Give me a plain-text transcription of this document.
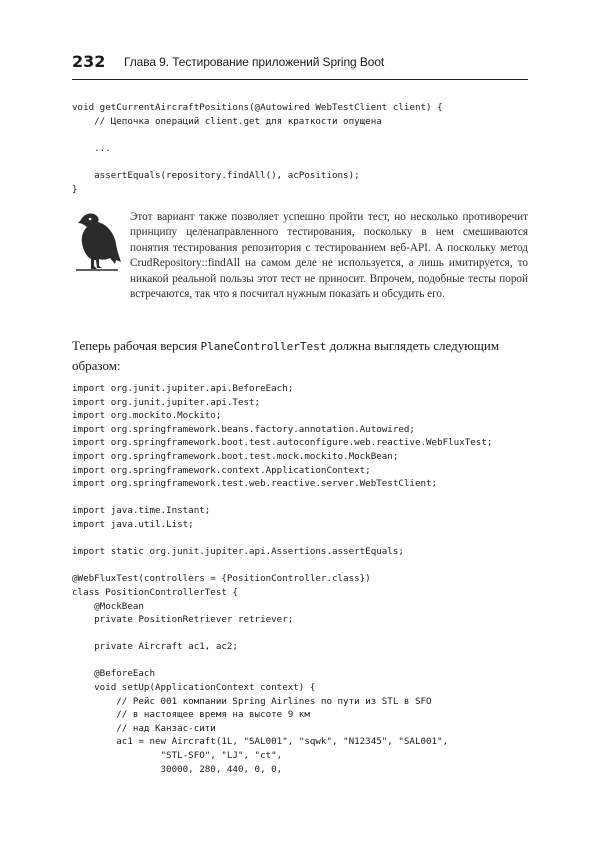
232 Глава 9. Тестирование приложений Spring Boot
void getCurrentAircraftPositions(@Autowired WebTestClient client) {
// Цепочка операций client.get для краткости опущена
...
assertEquals(repository.findAll(), acPositions);
}
Этот вариант также позволяет успешно пройти тест, но несколько противоречит принципу целенаправленного тестирования, поскольку в нем смешиваются понятия тестирования репозитория с тестированием веб-API. А поскольку метод CrudRepository::findAll на самом деле не используется, а лишь имитируется, то никакой реальной пользы этот тест не приносит. Впрочем, подобные тесты порой встречаются, так что я посчитал нужным показать и обсудить его.
Теперь рабочая версия PlaneControllerTest должна выглядеть следующим образом:
import org.junit.jupiter.api.BeforeEach;
import org.junit.jupiter.api.Test;
import org.mockito.Mockito;
import org.springframework.beans.factory.annotation.Autowired;
import org.springframework.boot.test.autoconfigure.web.reactive.WebFluxTest;
import org.springframework.boot.test.mock.mockito.MockBean;
import org.springframework.context.ApplicationContext;
import org.springframework.test.web.reactive.server.WebTestClient;
import java.time.Instant;
import java.util.List;
import static org.junit.jupiter.api.Assertions.assertEquals;
@WebFluxTest(controllers = {PositionController.class})
class PositionControllerTest {
@MockBean
private PositionRetriever retriever;
private Aircraft ac1, ac2;
@BeforeEach
void setUp(ApplicationContext context) {
// Рейс 001 компании Spring Airlines по пути из STL в SFO
// в настоящее время на высоте 9 км
// над Канзас-сити
ac1 = new Aircraft(1L, "SAL001", "sqwk", "N12345", "SAL001",
"STL-SFO", "LJ", "ct",
30000, 280, 440, 0, 0,
